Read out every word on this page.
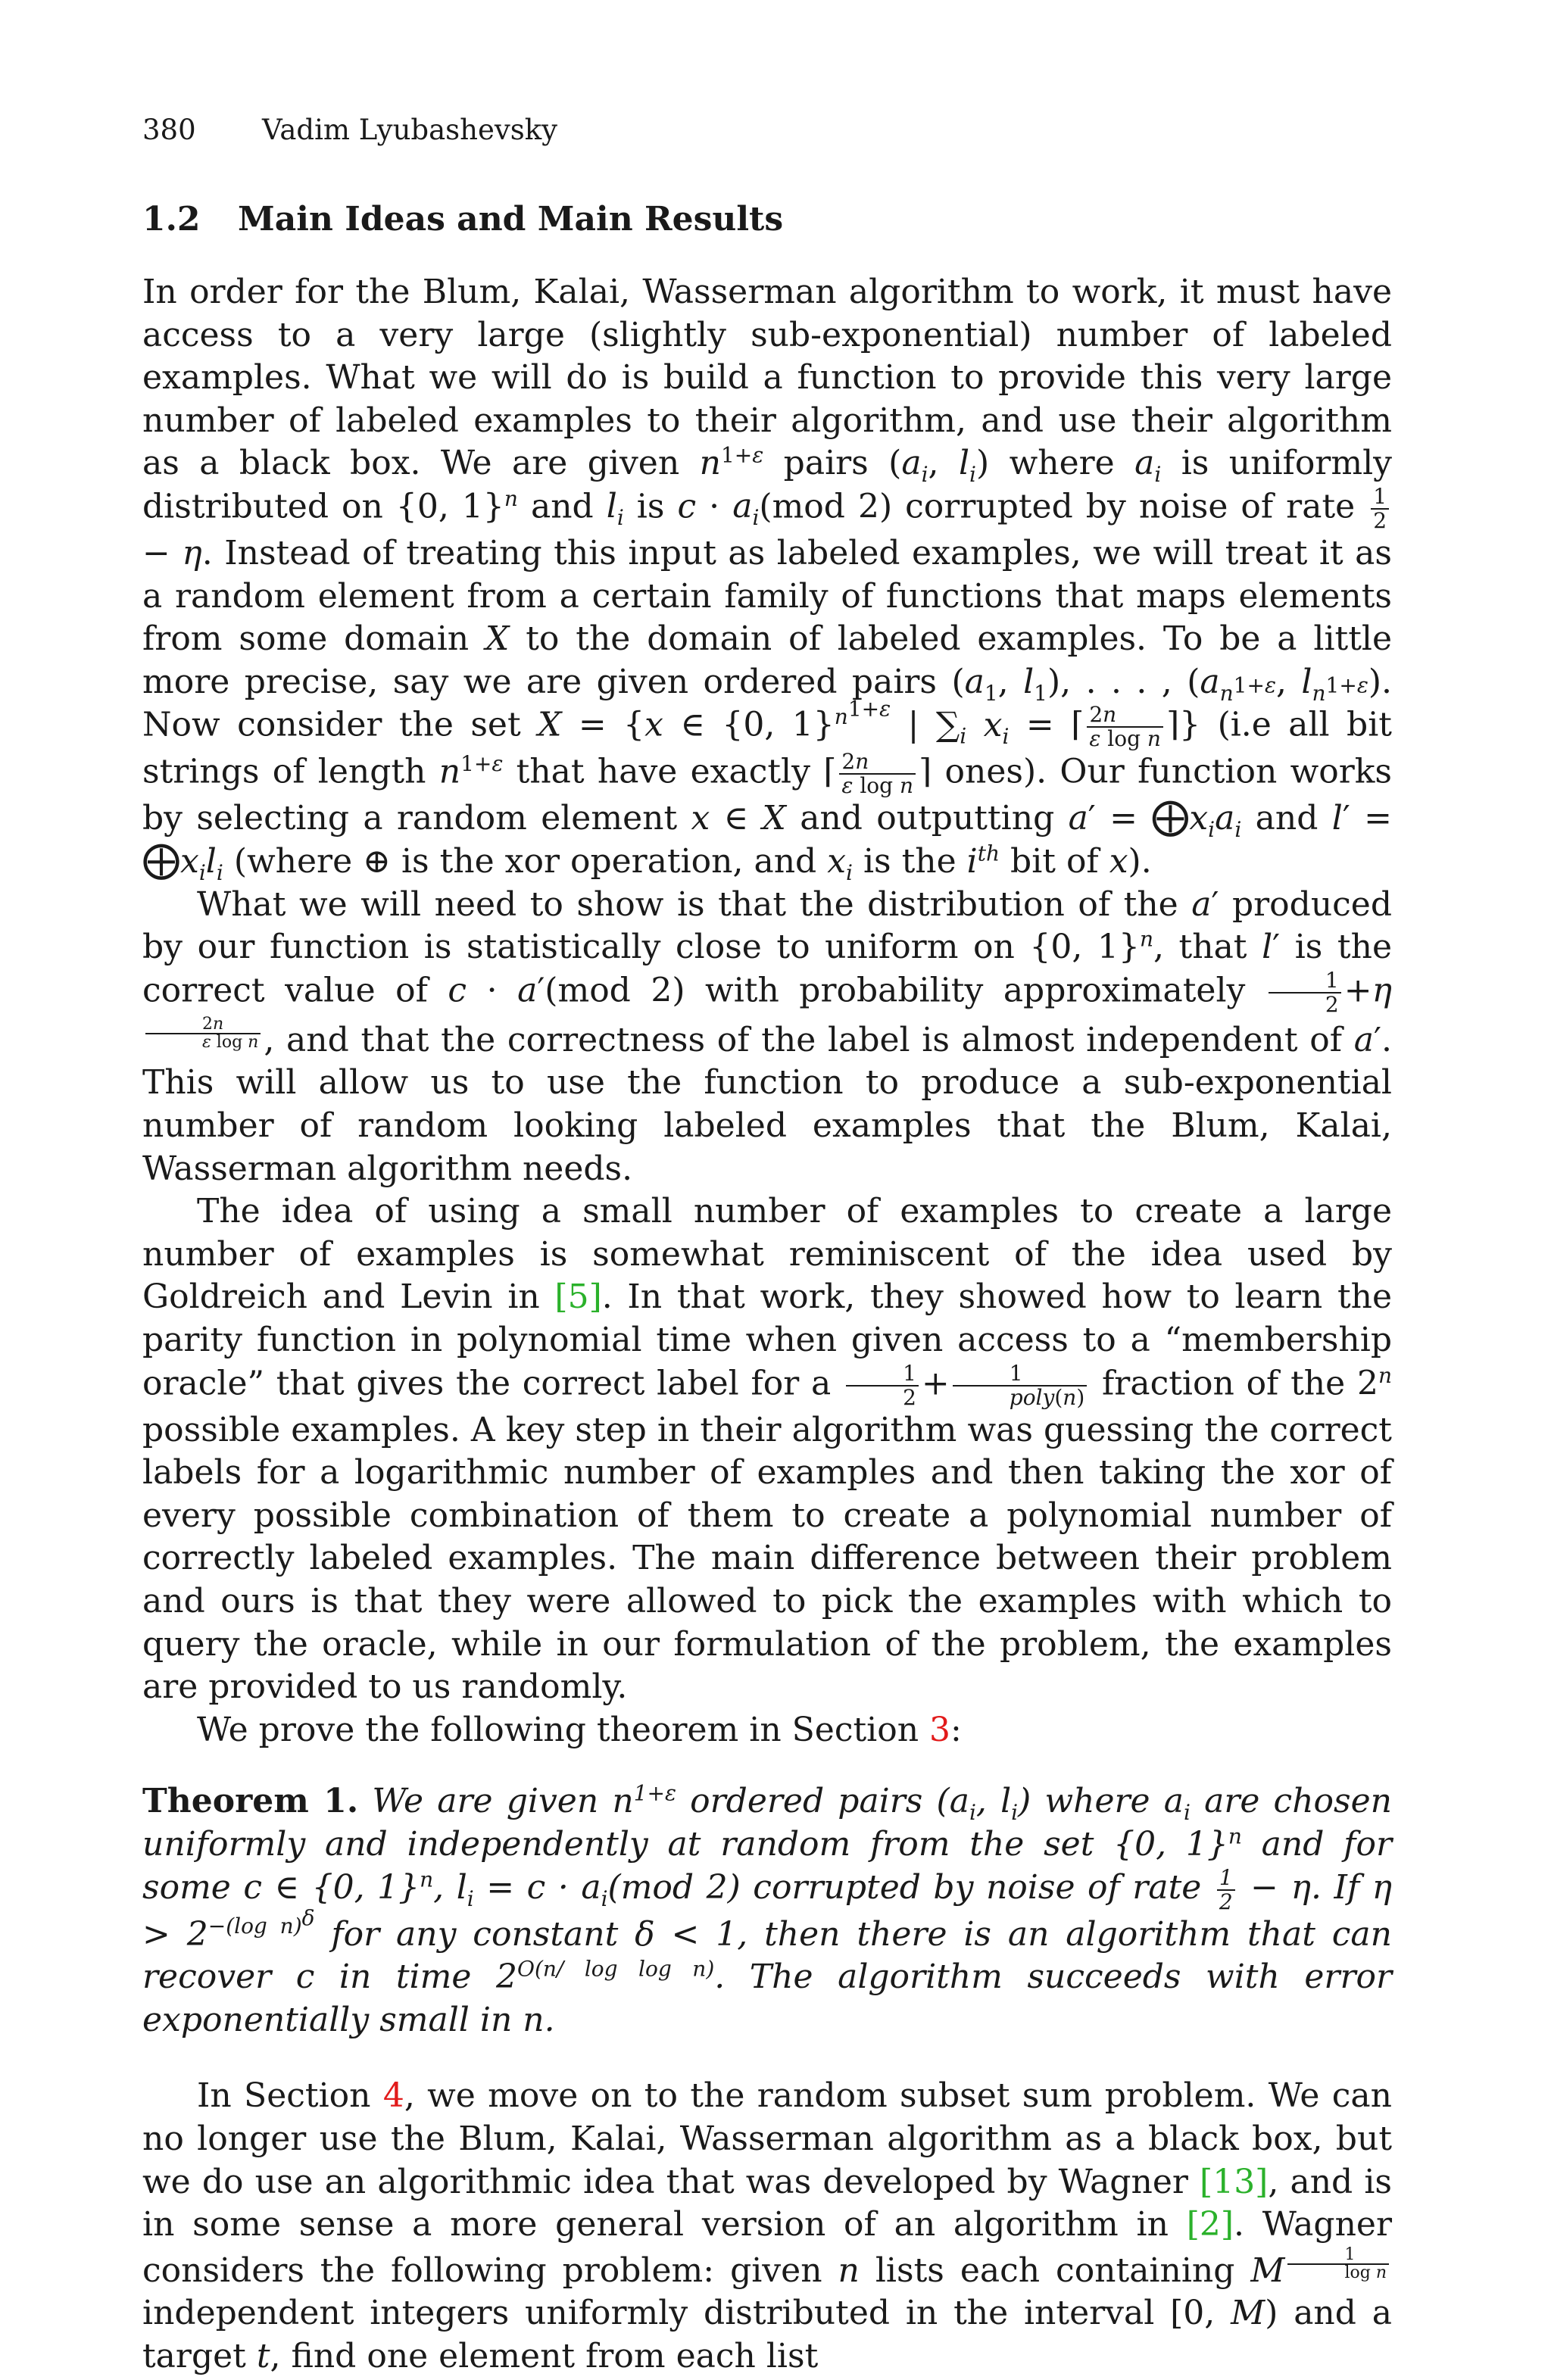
380 Vadim Lyubashevsky
1.2 Main Ideas and Main Results

In order for the Blum, Kalai, Wasserman algorithm to work, it must have access to a very large (slightly sub-exponential) number of labeled examples. What we will do is build a function to provide this very large number of labeled examples to their algorithm, and use their algorithm as a black box. We are given $n^{1+\varepsilon}$ pairs ($a_i$, $l_i$) where $a_i$ is uniformly distributed on {0, 1}$^n$ and $l_i$ is $c \cdot a_i(mod$ 2) corrupted by noise of rate $\frac{1}{2}$
− η. Instead of treating this input as labeled examples, we will treat it as a random element from a certain family of functions that maps elements from some domain X to the domain of labeled examples. To be a little more precise, say we are given ordered pairs ($a_1$, $l_1$), . . . , ($a_{n^{1+\varepsilon}}$, $l_{n^{1+\varepsilon}}$). Now consider the set X = {x ∈ {0, 1}$^{n^{1+\varepsilon}}$ | $\sum_i$ $x_i$ = ⌈ $\frac{2n}{\text{ε log n}}$ ⌉} (i.e all bit strings of length $n^{1+\varepsilon}$ that have exactly ⌈ $\frac{2n}{\text{ε log n}}$ ⌉ ones). Our function works by selecting a random element x ∈ X and outputting $a' = ⨁x_ia_i$ and $l' = ⨁x_il_i$ (where ⊕ is the xor operation, and $x_i$ is the $i^{th}$ bit of x).

What we will need to show is that the distribution of the a′ produced by our function is statistically close to uniform on {0, 1}$^n$, that l′ is the correct value of c · a′(mod 2) with probability approximately $\frac{1}{2} +\eta$
$^{\frac{2n}{\text{ε log n}}}$ , and that the correctness of the label is almost independent of a′. This will allow us to use the function to produce a sub-exponential number of random looking labeled examples that the Blum, Kalai, Wasserman algorithm needs.

The idea of using a small number of examples to create a large number of examples is somewhat reminiscent of the idea used by Goldreich and Levin in [5]. In that work, they showed how to learn the parity function in polynomial time when given access to a “membership oracle” that gives the correct label for a $\frac{1}{2} + \frac{1}{\text{poly(n)}}$ fraction of the 2$^n$ possible examples. A key step in their algorithm was guessing the correct labels for a logarithmic number of examples and then taking the xor of every possible combination of them to create a polynomial number of correctly labeled examples. The main difference between their problem and ours is that they were allowed to pick the examples with which to query the oracle, while in our formulation of the problem, the examples are provided to us randomly.

We prove the following theorem in Section 3:

Theorem 1. We are given $n^{1+\varepsilon}$ ordered pairs ($a_i$, $l_i$) where $a_i$ are chosen uniformly and independently at random from the set {0, 1}$^n$ and for some c ∈ {0, 1}$^n$, $l_i = c \cdot a_i(mod$ 2) corrupted by noise of rate $\frac{1}{2} - \eta$. If $\eta > 2^{-(log n)^\delta}$ for any constant δ < 1, then there is an algorithm that can recover c in time $2^{O(n/ log log n)}$. The algorithm succeeds with error exponentially small in n.

In Section 4, we move on to the random subset sum problem. We can no longer use the Blum, Kalai, Wasserman algorithm as a black box, but we do use an algorithmic idea that was developed by Wagner [13], and is in some sense a more general version of an algorithm in [2]. Wagner considers the following problem: given n lists each containing M $^{\frac{1}{\text{log n}}}$
independent integers uniformly distributed in the interval [0, M) and a target t, find one element from each list
